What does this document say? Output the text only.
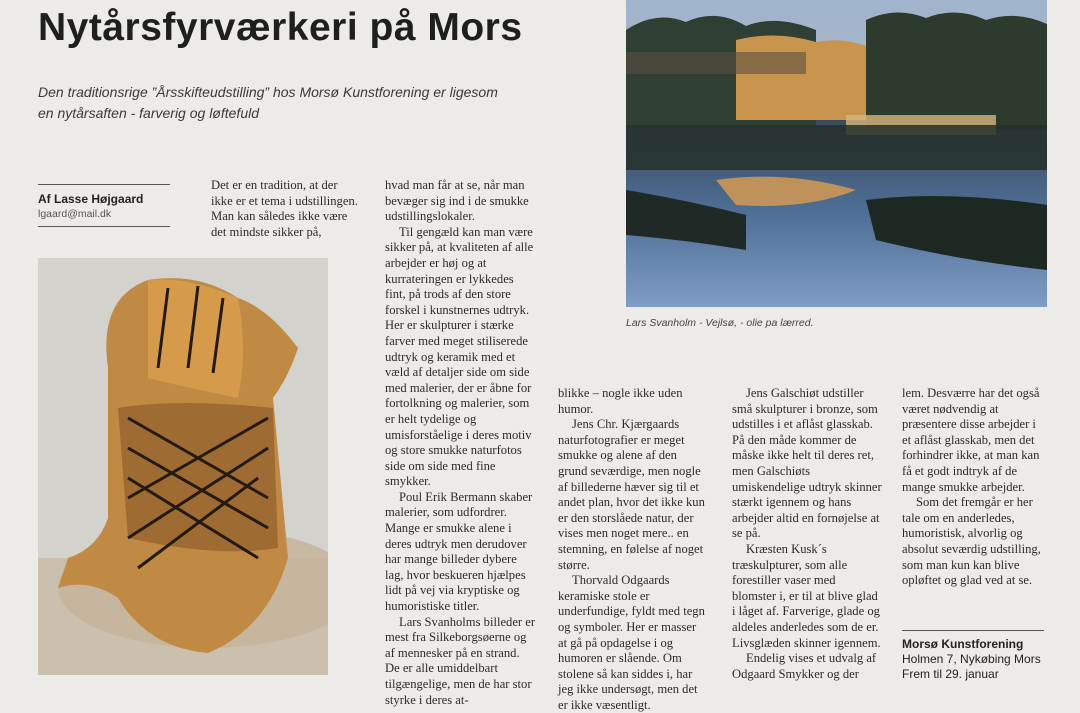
Nytårsfyrværkeri på Mors
Den traditionsrige ”Årsskifteudstilling” hos Morsø Kunstforening er ligesom en nytårsaften - farverig og løftefuld
Af Lasse Højgaard
lgaard@mail.dk
Lars Svanholm - Vejlsø, - olie pa lærred.

Det er en tradition, at der ikke er et tema i udstillingen. Man kan således ikke være det mindste sikker på,

hvad man får at se, når man bevæger sig ind i de smukke udstillingslokaler.

Til gengæld kan man være sikker på, at kvaliteten af alle arbejder er høj og at kurrateringen er lykkedes fint, på trods af den store forskel i kunstnernes udtryk. Her er skulpturer i stærke farver med meget stiliserede udtryk og keramik med et væld af detaljer side om side med malerier, der er åbne for fortolkning og malerier, som er helt tydelige og umisforståelige i deres motiv og store smukke naturfotos side om side med fine smykker.

Poul Erik Bermann skaber malerier, som udfordrer. Mange er smukke alene i deres udtryk men derudover har mange billeder dybere lag, hvor beskueren hjælpes lidt på vej via kryptiske og humoristiske titler.

Lars Svanholms billeder er mest fra Silkeborgsøerne og af mennesker på en strand. De er alle umiddelbart tilgængelige, men de har stor styrke i deres at-

blikke – nogle ikke uden humor.

Jens Chr. Kjærgaards naturfotografier er meget smukke og alene af den grund seværdige, men nogle af billederne hæver sig til et andet plan, hvor det ikke kun er den storslåede natur, der vises men noget mere.. en stemning, en følelse af noget større.

Thorvald Odgaards keramiske stole er underfundige, fyldt med tegn og symboler. Her er masser at gå på opdagelse i og humoren er slående. Om stolene så kan siddes i, har jeg ikke undersøgt, men det er ikke væsentligt.

Jens Galschiøt udstiller små skulpturer i bronze, som udstilles i et aflåst glasskab. På den måde kommer de måske ikke helt til deres ret, men Galschiøts umiskendelige udtryk skinner stærkt igennem og hans arbejder altid en fornøjelse at se på.

Kræsten Kusk´s træskulpturer, som alle forestiller vaser med blomster i, er til at blive glad i låget af. Farverige, glade og aldeles anderledes som de er. Livsglæden skinner igennem.

Endelig vises et udvalg af Odgaard Smykker og der

lem. Desværre har det også været nødvendig at præsentere disse arbejder i et aflåst glasskab, men det forhindrer ikke, at man kan få et godt indtryk af de mange smukke arbejder.

Som det fremgår er her tale om en anderledes, humoristisk, alvorlig og absolut seværdig udstilling, som man kun kan blive opløftet og glad ved at se.

Morsø Kunstforening
Holmen 7, Nykøbing Mors
Frem til 29. januar
